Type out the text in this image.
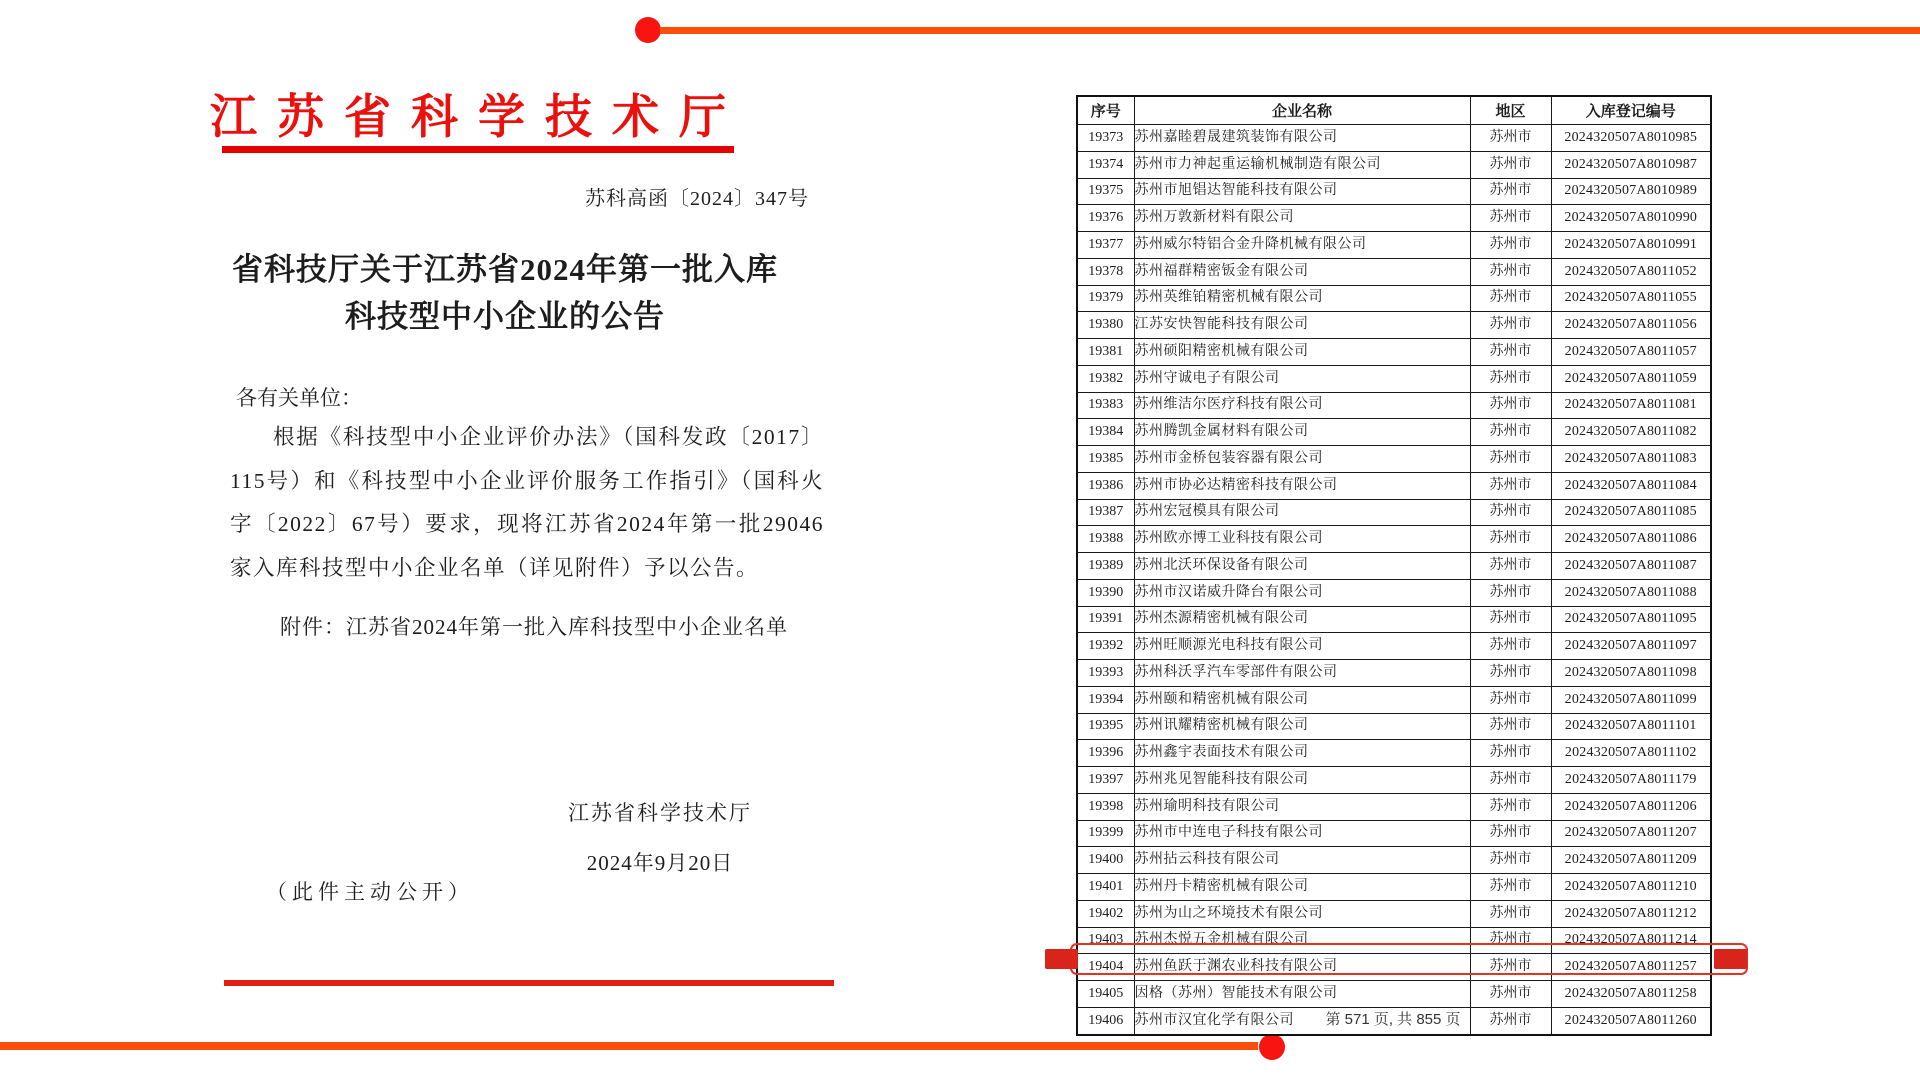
江苏省科学技术厅
苏科高函〔2024〕347号
省科技厅关于江苏省2024年第一批入库
科技型中小企业的公告
各有关单位：
根据《科技型中小企业评价办法》（国科发政〔2017〕115号）和《科技型中小企业评价服务工作指引》（国科火字〔2022〕67号）要求，现将江苏省2024年第一批29046家入库科技型中小企业名单（详见附件）予以公告。
附件：江苏省2024年第一批入库科技型中小企业名单
江苏省科学技术厅
2024年9月20日
（此件主动公开）
序号	企业名称	地区	入库登记编号
19373	苏州嘉睦碧晟建筑装饰有限公司	苏州市	2024320507A8010985
19374	苏州市力神起重运输机械制造有限公司	苏州市	2024320507A8010987
19375	苏州市旭锠达智能科技有限公司	苏州市	2024320507A8010989
19376	苏州万敦新材料有限公司	苏州市	2024320507A8010990
19377	苏州威尔特铝合金升降机械有限公司	苏州市	2024320507A8010991
19378	苏州福群精密钣金有限公司	苏州市	2024320507A8011052
19379	苏州英维铂精密机械有限公司	苏州市	2024320507A8011055
19380	江苏安快智能科技有限公司	苏州市	2024320507A8011056
19381	苏州硕阳精密机械有限公司	苏州市	2024320507A8011057
19382	苏州守诚电子有限公司	苏州市	2024320507A8011059
19383	苏州维洁尔医疗科技有限公司	苏州市	2024320507A8011081
19384	苏州腾凯金属材料有限公司	苏州市	2024320507A8011082
19385	苏州市金桥包装容器有限公司	苏州市	2024320507A8011083
19386	苏州市协必达精密科技有限公司	苏州市	2024320507A8011084
19387	苏州宏冠模具有限公司	苏州市	2024320507A8011085
19388	苏州欧亦博工业科技有限公司	苏州市	2024320507A8011086
19389	苏州北沃环保设备有限公司	苏州市	2024320507A8011087
19390	苏州市汉诺威升降台有限公司	苏州市	2024320507A8011088
19391	苏州杰源精密机械有限公司	苏州市	2024320507A8011095
19392	苏州旺顺源光电科技有限公司	苏州市	2024320507A8011097
19393	苏州科沃孚汽车零部件有限公司	苏州市	2024320507A8011098
19394	苏州颐和精密机械有限公司	苏州市	2024320507A8011099
19395	苏州讯耀精密机械有限公司	苏州市	2024320507A8011101
19396	苏州鑫宇表面技术有限公司	苏州市	2024320507A8011102
19397	苏州兆见智能科技有限公司	苏州市	2024320507A8011179
19398	苏州瑜明科技有限公司	苏州市	2024320507A8011206
19399	苏州市中连电子科技有限公司	苏州市	2024320507A8011207
19400	苏州拈云科技有限公司	苏州市	2024320507A8011209
19401	苏州丹卡精密机械有限公司	苏州市	2024320507A8011210
19402	苏州为山之环境技术有限公司	苏州市	2024320507A8011212
19403	苏州杰悦五金机械有限公司	苏州市	2024320507A8011214
19404	苏州鱼跃于渊农业科技有限公司	苏州市	2024320507A8011257
19405	因格（苏州）智能技术有限公司	苏州市	2024320507A8011258
19406	苏州市汉宜化学有限公司	苏州市	2024320507A8011260
第 571 页, 共 855 页
